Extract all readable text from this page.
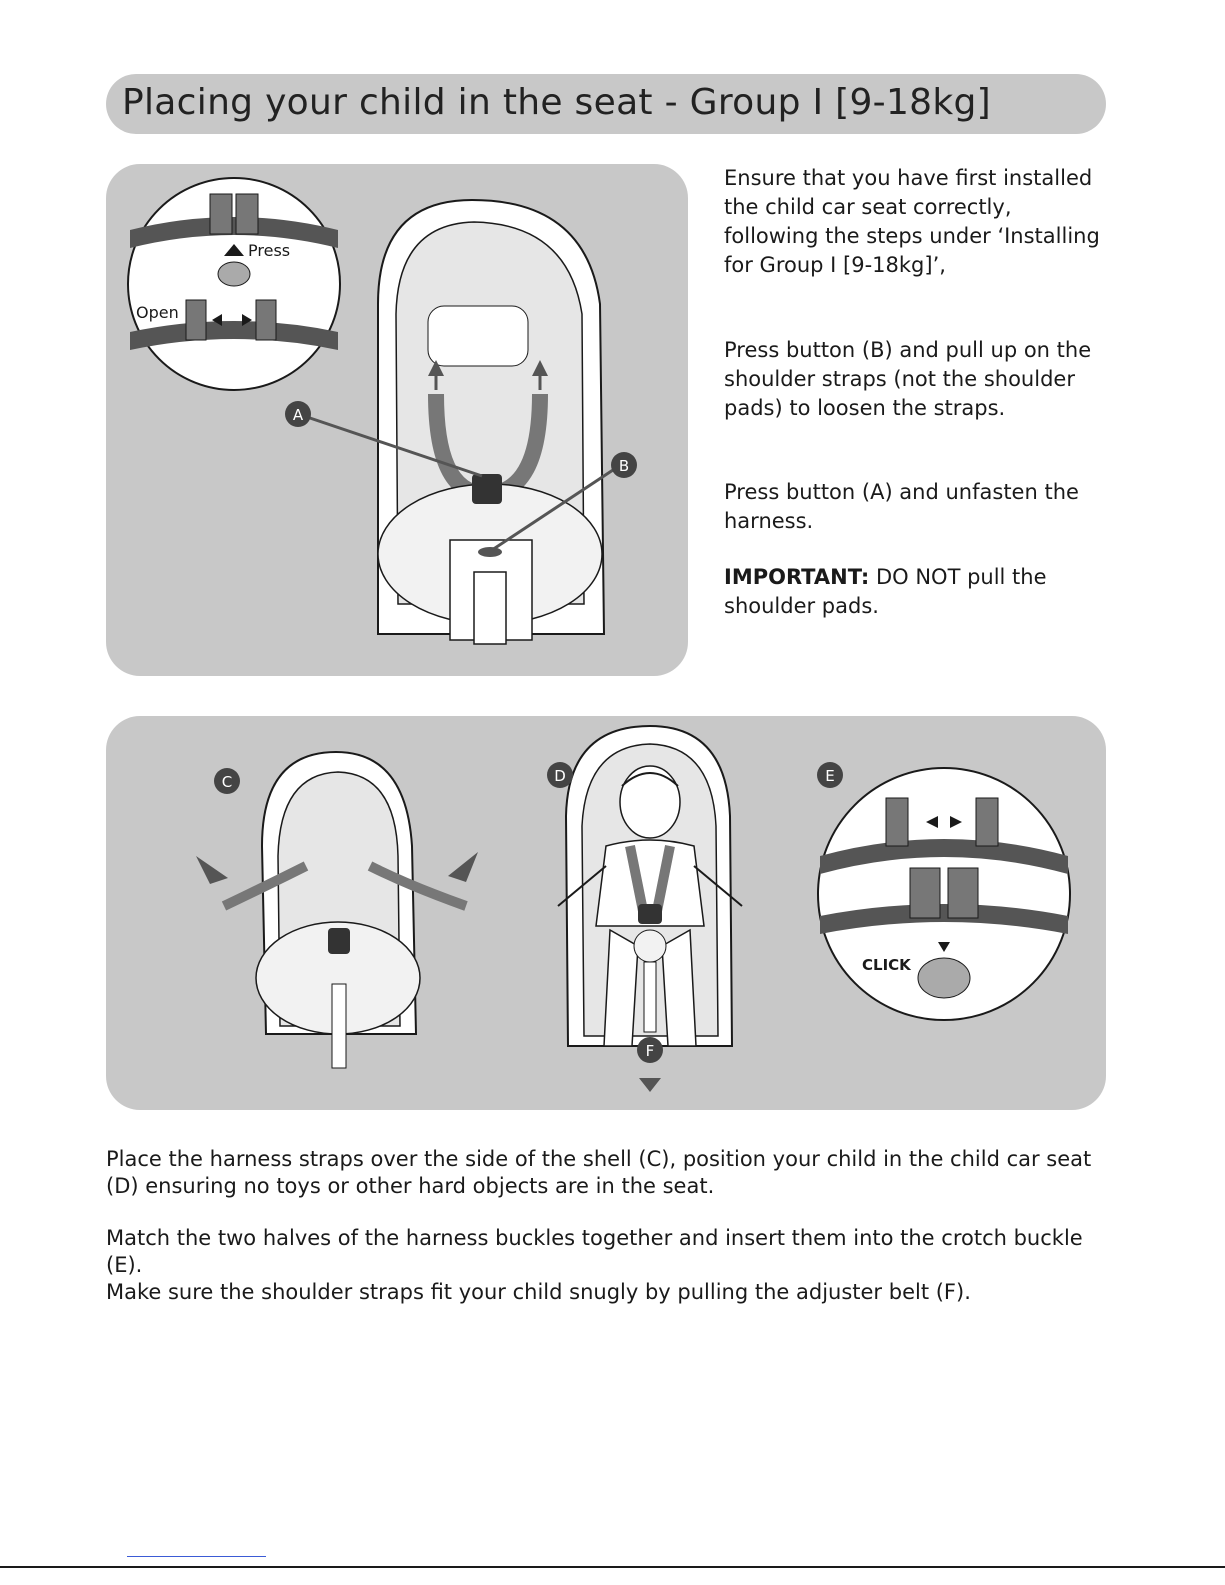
Placing your child in the seat - Group I [9-18kg]
Press
Open
A
B

Ensure that you have first installed the child car seat correctly, following the steps under ‘Installing for Group I [9-18kg]’,

Press button (B) and pull up on the shoulder straps (not the shoulder pads) to loosen the straps.

Press button (A) and unfasten the harness.

IMPORTANT: DO NOT pull the shoulder pads.

C	D
F
CLICK
E

Place the harness straps over the side of the shell (C), position your child in the child car seat (D) ensuring no toys or other hard objects are in the seat.

Match the two halves of the harness buckles together and insert them into the crotch buckle (E).

Make sure the shoulder straps fit your child snugly by pulling the adjuster belt (F).
